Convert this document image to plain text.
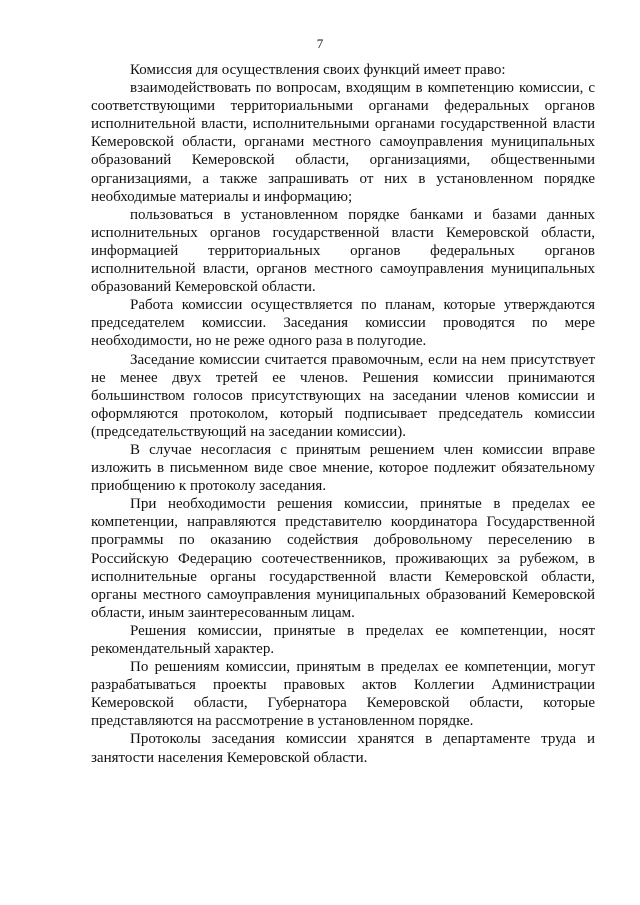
7

Комиссия для осуществления своих функций имеет право:

взаимодействовать по вопросам, входящим в компетенцию комиссии, с соответствующими территориальными органами федеральных органов исполнительной власти, исполнительными органами государственной власти Кемеровской области, органами местного самоуправления муниципальных образований Кемеровской области, организациями, общественными организациями, а также запрашивать от них в установленном порядке необходимые материалы и информацию;

пользоваться в установленном порядке банками и базами данных исполнительных органов государственной власти Кемеровской области, информацией территориальных органов федеральных органов исполнительной власти, органов местного самоуправления муниципальных образований Кемеровской области.

Работа комиссии осуществляется по планам, которые утверждаются председателем комиссии. Заседания комиссии проводятся по мере необходимости, но не реже одного раза в полугодие.

Заседание комиссии считается правомочным, если на нем присутствует не менее двух третей ее членов. Решения комиссии принимаются большинством голосов присутствующих на заседании членов комиссии и оформляются протоколом, который подписывает председатель комиссии (председательствующий на заседании комиссии).

В случае несогласия с принятым решением член комиссии вправе изложить в письменном виде свое мнение, которое подлежит обязательному приобщению к протоколу заседания.

При необходимости решения комиссии, принятые в пределах ее компетенции, направляются представителю координатора Государственной программы по оказанию содействия добровольному переселению в Российскую Федерацию соотечественников, проживающих за рубежом, в исполнительные органы государственной власти Кемеровской области, органы местного самоуправления муниципальных образований Кемеровской области, иным заинтересованным лицам.

Решения комиссии, принятые в пределах ее компетенции, носят рекомендательный характер.

По решениям комиссии, принятым в пределах ее компетенции, могут разрабатываться проекты правовых актов Коллегии Администрации Кемеровской области, Губернатора Кемеровской области, которые представляются на рассмотрение в установленном порядке.

Протоколы заседания комиссии хранятся в департаменте труда и занятости населения Кемеровской области.
